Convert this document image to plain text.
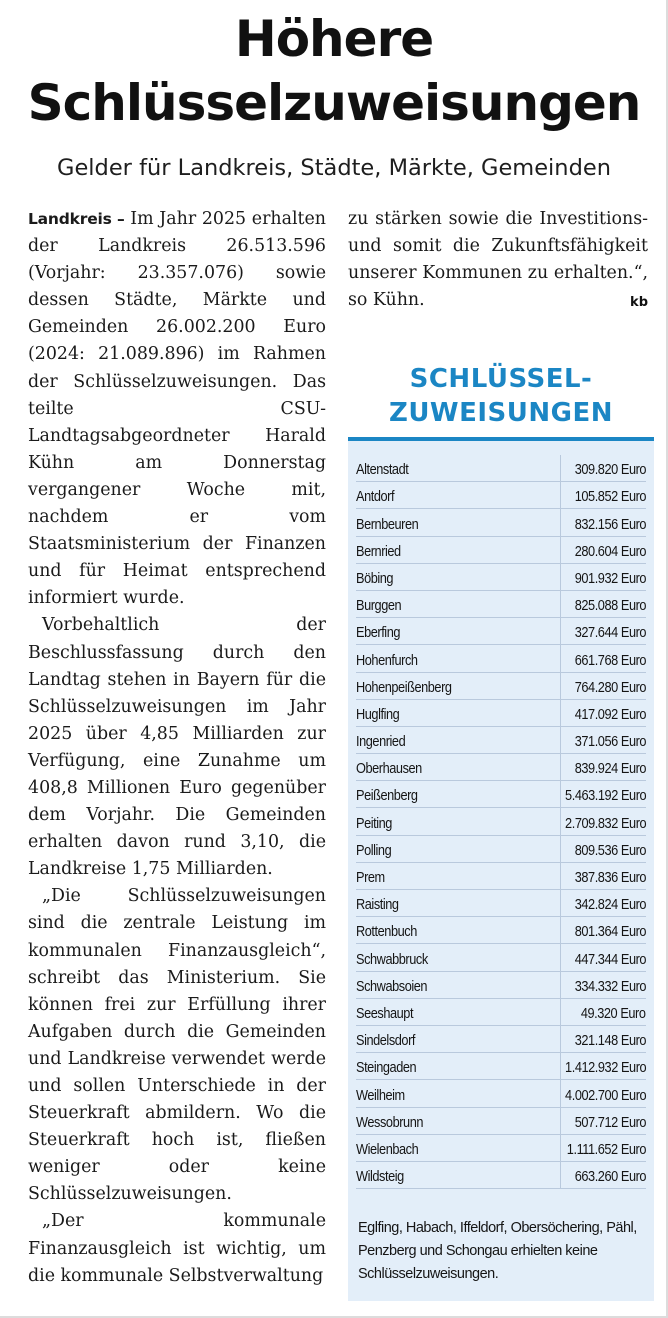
Höhere
Schlüsselzuweisungen
Gelder für Landkreis, Städte, Märkte, Gemeinden

Landkreis – Im Jahr 2025 erhalten der Landkreis 26.513.596 (Vorjahr: 23.357.076) sowie dessen Städte, Märkte und Gemeinden 26.002.200 Euro (2024: 21.089.896) im Rahmen der Schlüsselzuweisungen. Das teilte CSU-Landtagsabgeordneter Harald Kühn am Donnerstag vergangener Woche mit, nachdem er vom Staatsministerium der Finanzen und für Heimat entsprechend informiert wurde.

Vorbehaltlich der Beschlussfassung durch den Landtag stehen in Bayern für die Schlüsselzuweisungen im Jahr 2025 über 4,85 Milliarden zur Verfügung, eine Zunahme um 408,8 Millionen Euro gegenüber dem Vorjahr. Die Gemeinden erhalten davon rund 3,10, die Landkreise 1,75 Milliarden.

„Die Schlüsselzuweisungen sind die zentrale Leistung im kommunalen Finanzausgleich“, schreibt das Ministerium. Sie können frei zur Erfüllung ihrer Aufgaben durch die Gemeinden und Landkreise verwendet werde und sollen Unterschiede in der Steuerkraft abmildern. Wo die Steuerkraft hoch ist, fließen weniger oder keine Schlüsselzuweisungen.

„Der kommunale Finanzausgleich ist wichtig, um die kommunale Selbstverwaltung

zu stärken sowie die Investitions- und somit die Zukunftsfähigkeit unserer Kommunen zu erhalten.“, so Kühn.	kb

SCHLÜSSEL-
ZUWEISUNGEN
Altenstadt	309.820 Euro
Antdorf	105.852 Euro
Bernbeuren	832.156 Euro
Bernried	280.604 Euro
Böbing	901.932 Euro
Burggen	825.088 Euro
Eberfing	327.644 Euro
Hohenfurch	661.768 Euro
Hohenpeißenberg	764.280 Euro
Huglfing	417.092 Euro
Ingenried	371.056 Euro
Oberhausen	839.924 Euro
Peißenberg	5.463.192 Euro
Peiting	2.709.832 Euro
Polling	809.536 Euro
Prem	387.836 Euro
Raisting	342.824 Euro
Rottenbuch	801.364 Euro
Schwabbruck	447.344 Euro
Schwabsoien	334.332 Euro
Seeshaupt	49.320 Euro
Sindelsdorf	321.148 Euro
Steingaden	1.412.932 Euro
Weilheim	4.002.700 Euro
Wessobrunn	507.712 Euro
Wielenbach	1.111.652 Euro
Wildsteig	663.260 Euro
Eglfing, Habach, Iffeldorf, Obersöchering, Pähl, Penzberg und Schongau erhielten keine Schlüsselzuweisungen.
